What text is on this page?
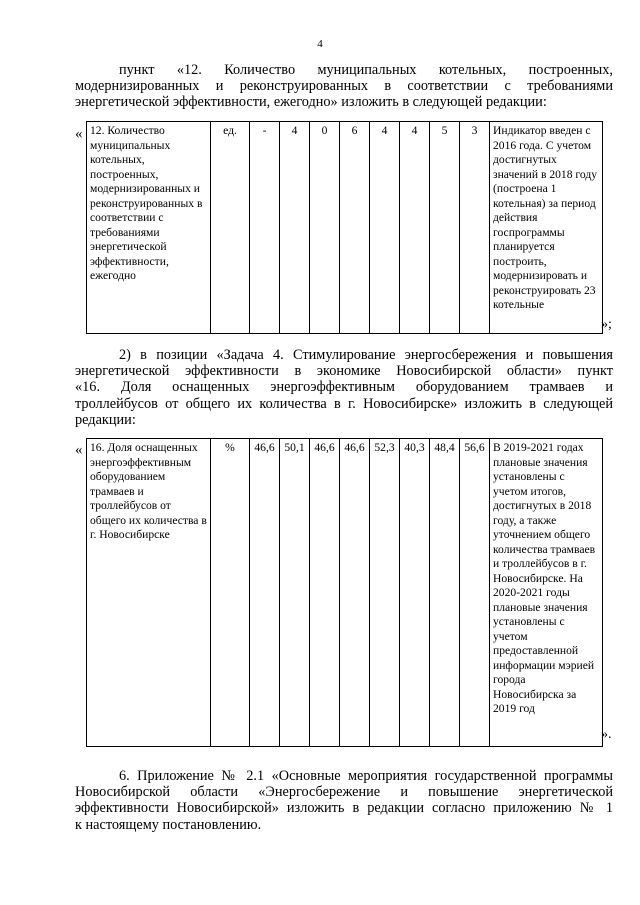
4
пункт «12. Количество муниципальных котельных, построенных,
модернизированных и реконструированных в соответствии с требованиями
энергетической эффективности, ежегодно» изложить в следующей редакции:
« 12. Количество муниципальных котельных, построенных, модернизированных и реконструированных в соответствии с требованиями энергетической эффективности, ежегодно	ед.	-	4	0	6	4	4	5	3	Индикатор введен с 2016 года. С учетом достигнутых значений в 2018 году (построена 1 котельная) за период действия госпрограммы планируется построить, модернизировать и реконструировать 23 котельные
»;
2) в позиции «Задача 4. Стимулирование энергосбережения и повышения
энергетической эффективности в экономике Новосибирской области» пункт
«16. Доля оснащенных энергоэффективным оборудованием трамваев и
троллейбусов от общего их количества в г. Новосибирске» изложить в следующей
редакции:
« 16. Доля оснащенных энергоэффективным оборудованием трамваев и троллейбусов от общего их количества в г. Новосибирске	%	46,6	50,1	46,6	46,6	52,3	40,3	48,4	56,6	В 2019-2021 годах плановые значения установлены с учетом итогов, достигнутых в 2018 году, а также уточнением общего количества трамваев и троллейбусов в г. Новосибирске. На 2020-2021 годы плановые значения установлены с учетом предоставленной информации мэрией города Новосибирска за 2019 год
».
6. Приложение № 2.1 «Основные мероприятия государственной программы
Новосибирской области «Энергосбережение и повышение энергетической
эффективности Новосибирской» изложить в редакции согласно приложению № 1
к настоящему постановлению.
